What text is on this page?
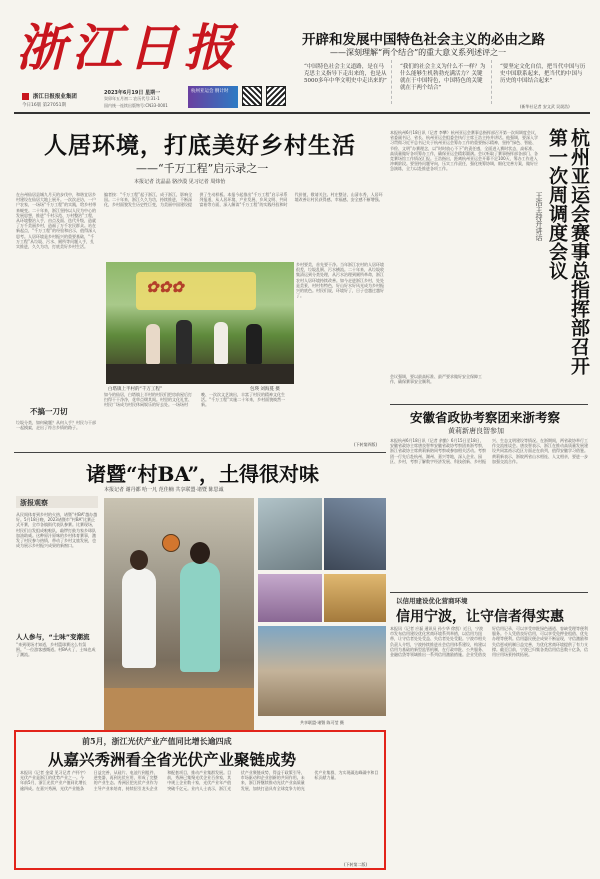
浙江日报
浙江日报报业集团
今日16版 第27051期
2023年6月19日 星期一
癸卯年五月初二 农历代号:31-1
国内统一连续出版物号:CN33-0001
杭州亚运会 倒计时
开辟和发展中国特色社会主义的必由之路
——深刻理解“两个结合”的重大意义系列述评之一
“中国特色社会主义道路，是在马克思主义指导下走出来的，也是从5000多年中华文明史中走出来的”
“我们的社会主义为什么不一样？为什么能够生机勃勃充满活力？关键就在于中国特色，中国特色的关键就在于两个结合”
“要坚定文化自信，把当代中国与历史中国联系起来，把当代的中国与历史的中国结合起来”
(新华社记者 安文武 吴晟浩)
人居环境，打底美好乡村生活
——“千万工程”启示录之一
本报记者 沈晶晶 骆沙漠 见习记者 周炜怡
在台州仙居县城九月天的步伐中，和谐宜居乡村建设在仙居大地上展开。一次次走访，一户户农家，一场场“千万工程”的实践，给乡村带来蜕变。二十年来，浙江坚持以人民为中心的发展思想，推进“千村示范、万村整治”工程，从环境整治入手，由点及面、迭代升级，造就了万千美丽乡村，造福了万千农民群众。站在新起点，“千万工程”的经验和启示，值得深入思考。人居环境是乡村振兴的重要基础，“千万工程”从垃圾、污水、厕所等问题入手，扎实推进，久久为功，打底美好乡村生活。
不搞一刀切
垃圾分类，如何破题？从何入手？村民与干部一起摸索，走出了符合乡情的路子。
编者按：“千万工程”起于浙江，成于浙江，影响全国。二十年来，浙江久久为功，持续推进，不断深化，乡村面貌发生历史性巨变，为美丽中国建设提供了生动样板。本报今起推出“千万工程”启示录系列报道，从人居环境、产业发展、乡风文明、共同富裕等方面，深入解读“千万工程”的实践经验和时代价值，敬请关注。村庄整洁，山清水秀，人居环境改善让村民获得感、幸福感、安全感不断增强。
✿✿✿
白塔镇上半村的“千万工程”	包瑛 刘海蔓 摄
乡村要美，首先要干净。当年浙江农村的人居环境很差，垃圾乱倒、污水横流。二十年来，从垃圾收集清运到分类处理，从污水治理到厕所革命，浙江农村人居环境持续改善。如今走进浙江乡村，处处是美景，村村有特色，好山好水好风光成为乡村振兴的底色。村民们说，环境好了，日子也越过越好了。
如今的仙居，白塔镇上半村的村民们把房前屋后打扫得干干净净，花草点缀其间。村里的文化礼堂、村民广场成为村民休闲娱乐的好去处。一场场村晚、一次次文艺演出，丰富了村民的精神文化生活。“千万工程”实施二十年来，乡村面貌焕然一新。
(下转第四版)
本报杭州6月18日讯（记者 李攀）杭州亚运会赛事总指挥部召开第一次周调度会议，省委副书记、省长、杭州亚运会组委会执行主席王浩主持并讲话。他强调，要深入学习贯彻习近平总书记关于杭州亚运会筹办工作的重要指示精神，坚持“绿色、智能、节俭、文明”办赛理念，以“时时放心不下”的责任感，全面进入赛时状态，高标准、高质量做好各项筹办工作，确保亚运会精彩圆满。会议听取了赛事指挥部各部门、各竞赛场馆工作情况汇报。王浩指出，距离杭州亚运会开幕不足100天，筹办工作进入冲刺阶段。要坚持问题导向，压实工作责任，强化统筹协调，细化完善方案，做好应急演练，全力以赴推进各项工作。	杭州亚运会赛事总指挥部召开第一次周调度会议
王浩主持并讲话
会议强调，要以最高标准、最严要求做好安全保障工作，确保赛事安全顺利。
安徽省政协考察团来浙考察
黄莉新唐良智参加
本报杭州6月18日讯（记者 余勤）6月15日至18日，安徽省政协主席唐良智率安徽省政协考察团来浙考察，浙江省政协主席黄莉新陪同考察或参加相关活动。考察团一行先后赴杭州、湖州、嘉兴等地，深入企业、园区、乡村，考察了解数字经济发展、科技创新、乡村振兴、生态文明建设等情况。在浙期间，两省政协举行工作交流座谈会。唐良智表示，浙江在推动高质量发展建设共同富裕示范区方面走在前列，值得安徽学习借鉴。黄莉新表示，浙皖两省山水相连、人文相亲，要进一步加强交流合作。
以信用建设优化营商环境
信用宁波，让守信者得实惠
本报讯（记者 应磊 通讯员 孙少华 徐凯）近日，宁波市发布信用建设优化营商环境系列举措，以信用为纽带，让守信者处处受益、失信者处处受限。宁波市相关负责人介绍，宁波持续推进社会信用体系建设，构建以信用为基础的新型监管机制，在行政审批、公共服务、金融信贷等领域推出一系列信用激励措施。企业凭借良好信用记录，可以享受审批绿色通道、容缺受理等便利服务。个人凭借良好信用，可以享受免押金租借、优先办理等便利。信用惠民便企成果不断显现，守信激励和失信惩戒机制日益完善，为优化营商环境提供了有力支撑。截至目前，宁波已归集各类信用信息数十亿条，信用应用场景持续拓展。
诸暨“村BA”，土得很对味
本报记者 谢丹都 哈一凡 范佳楠 共享联盟·诸暨 陈思诚
浙报观察
从民间体育到乡村的火热，诸暨“村BA”越办越好。5月18日晚，2023诸暨市“村BA”比赛正式开赛，全市各镇街代表队参赛。比赛现场，村民们自发组成啦啦队，敲锣打鼓为家乡球队加油助威。这种原汁原味的乡村体育赛事，激发了村民参与热情，带动了乡村文旅发展，也成为展示乡村振兴成果的新窗口。
人人参与，“土味”变潮流
“来到现场才知道，乡村篮球赛这么有氛围。”一位游客感慨道。村BA火了，土味也成了潮流。
共享联盟·诸暨 陈可莹 摄
前5月，浙江光伏产业产值同比增长逾四成
从嘉兴秀洲看全省光伏产业聚链成势
本报讯（记者 金梁 见习记者 卢怀宇）光伏产业是浙江的优势产业之一。今年前5月，浙江光伏产业产值同比增长逾四成。在嘉兴秀洲，光伏产业链条日益完善，从硅片、电池片到组件、逆变器，再到光伏应用，形成了完整的产业生态。秀洲区把光伏产业作为主导产业来培育，持续招引龙头企业和配套项目，推动产业集群发展。目前，秀洲已集聚光伏企业百余家，其中规上企业数十家，光伏产业年产值突破千亿元。业内人士表示，浙江光伏产业聚链成势，得益于政策引导、市场驱动和企业创新的共同作用。未来，浙江将继续推动光伏产业高质量发展，加快打造具有全球竞争力的光伏产业集群，为实现碳达峰碳中和目标贡献力量。
(下转第二版)
